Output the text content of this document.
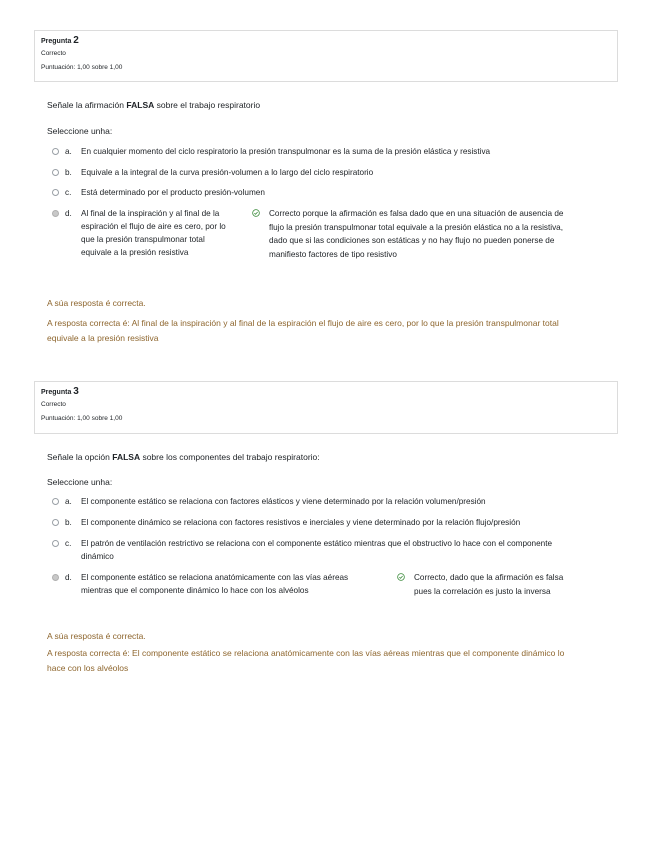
Pregunta 2
Correcto
Puntuación: 1,00 sobre 1,00
Señale la afirmación FALSA sobre el trabajo respiratorio
Seleccione unha:
a.	En cualquier momento del ciclo respiratorio la presión transpulmonar es la suma de la presión elástica y resistiva
b.	Equivale a la integral de la curva presión-volumen a lo largo del ciclo respiratorio
c.	Está determinado por el producto presión-volumen
d.	Al final de la inspiración y al final de la
espiración el flujo de aire es cero, por lo
que la presión transpulmonar total
equivale a la presión resistiva
Correcto porque la afirmación es falsa dado que en una situación de ausencia de
flujo la presión transpulmonar total equivale a la presión elástica no a la resistiva,
dado que si las condiciones son estáticas y no hay flujo no pueden ponerse de
manifiesto factores de tipo resistivo
A súa resposta é correcta.
A resposta correcta é: Al final de la inspiración y al final de la espiración el flujo de aire es cero, por lo que la presión transpulmonar total
equivale a la presión resistiva
Pregunta 3
Correcto
Puntuación: 1,00 sobre 1,00
Señale la opción FALSA sobre los componentes del trabajo respiratorio:
Seleccione unha:
a.	El componente estático se relaciona con factores elásticos y viene determinado por la relación volumen/presión
b.	El componente dinámico se relaciona con factores resistivos e inerciales y viene determinado por la relación flujo/presión
c.	El patrón de ventilación restrictivo se relaciona con el componente estático mientras que el obstructivo lo hace con el componente
dinámico
d.	El componente estático se relaciona anatómicamente con las vías aéreas
mientras que el componente dinámico lo hace con los alvéolos
Correcto, dado que la afirmación es falsa
pues la correlación es justo la inversa
A súa resposta é correcta.
A resposta correcta é: El componente estático se relaciona anatómicamente con las vías aéreas mientras que el componente dinámico lo
hace con los alvéolos
